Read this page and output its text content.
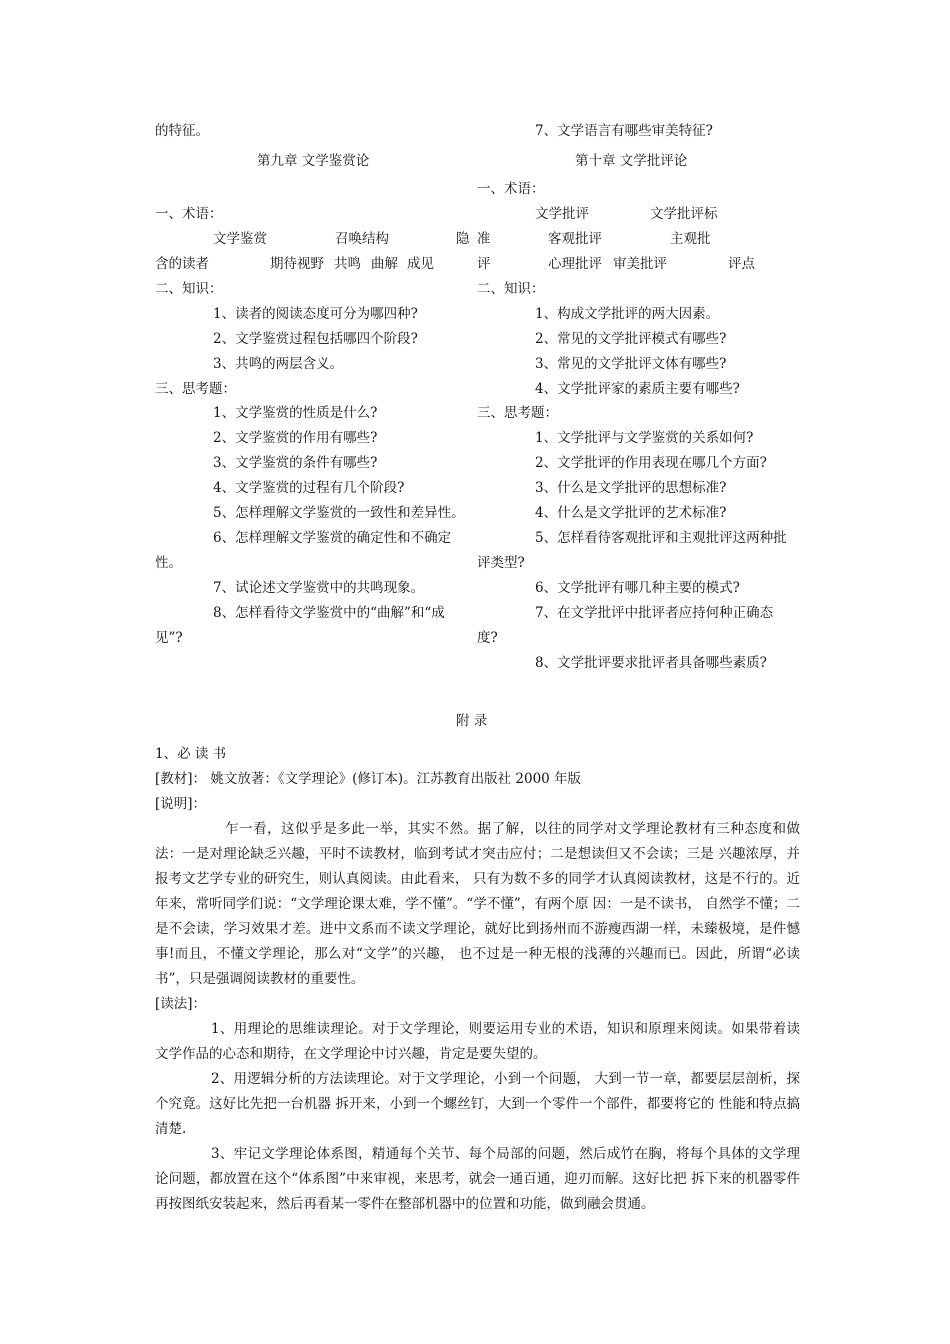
的特征。
第九章 文学鉴赏论
一、术语：
文学鉴赏	召唤结构	隐
含的读者	期待视野 共鸣 曲解 成见
二、知识：
1、读者的阅读态度可分为哪四种?
2、文学鉴赏过程包括哪四个阶段?
3、共鸣的两层含义。
三、思考题：
1、文学鉴赏的性质是什么?
2、文学鉴赏的作用有哪些?
3、文学鉴赏的条件有哪些?
4、文学鉴赏的过程有几个阶段?
5、怎样理解文学鉴赏的一致性和差异性。
6、怎样理解文学鉴赏的确定性和不确定
性。
7、试论述文学鉴赏中的共鸣现象。
8、怎样看待文学鉴赏中的“曲解”和“成
见”?
7、文学语言有哪些审美特征?
第十章 文学批评论
一、术语：
文学批评	文学批评标
准	客观批评	主观批
评	心理批评 审美批评	评点
二、知识：
1、构成文学批评的两大因素。
2、常见的文学批评模式有哪些?
3、常见的文学批评文体有哪些?
4、文学批评家的素质主要有哪些?
三、思考题：
1、文学批评与文学鉴赏的关系如何?
2、文学批评的作用表现在哪几个方面?
3、什么是文学批评的思想标准?
4、什么是文学批评的艺术标准?
5、怎样看待客观批评和主观批评这两种批
评类型?
6、文学批评有哪几种主要的模式?
7、在文学批评中批评者应持何种正确态
度?
8、文学批评要求批评者具备哪些素质?
附 录
1、必 读 书
[教材]： 姚文放著：《文学理论》(修订本)。江苏教育出版社 2000 年版
[说明]：
乍一看，这似乎是多此一举，其实不然。据了解，以往的同学对文学理论教材有三种态度和做法：一是对理论缺乏兴趣，平时不读教材，临到考试才突击应付；二是想读但又不会读；三是 兴趣浓厚，并报考文艺学专业的研究生，则认真阅读。由此看来， 只有为数不多的同学才认真阅读教材，这是不行的。近年来，常听同学们说：“文学理论课太难，学不懂”。“学不懂”，有两个原 因：一是不读书， 自然学不懂；二是不会读，学习效果才差。进中文系而不读文学理论，就好比到扬州而不游瘦西湖一样，未臻极境，是件憾事!而且，不懂文学理论，那么对“文学”的兴趣， 也不过是一种无根的浅薄的兴趣而已。因此，所谓“必读书”，只是强调阅读教材的重要性。
[读法]：
1、用理论的思维读理论。对于文学理论，则要运用专业的术语，知识和原理来阅读。如果带着读文学作品的心态和期待，在文学理论中讨兴趣，肯定是要失望的。
2、用逻辑分析的方法读理论。对于文学理论，小到一个问题， 大到一节一章，都要层层剖析，探个究竟。这好比先把一台机器 拆开来，小到一个螺丝钉，大到一个零件一个部件，都要将它的 性能和特点搞清楚.
3、牢记文学理论体系图，精通每个关节、每个局部的问题，然后成竹在胸，将每个具体的文学理论问题，都放置在这个“体系图”中来审视，来思考，就会一通百通，迎刃而解。这好比把 拆下来的机器零件再按图纸安装起来，然后再看某一零件在整部机器中的位置和功能，做到融会贯通。
